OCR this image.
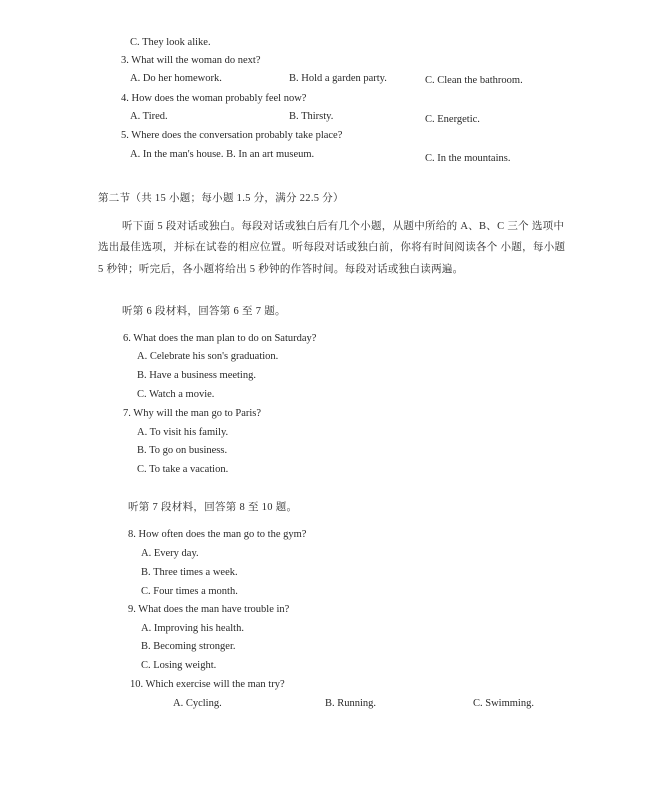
C. They look alike.
3. What will the woman do next?
A. Do her homework.	B. Hold a garden party.	C. Clean the bathroom.
4. How does the woman probably feel now?
A. Tired.	B. Thirsty.	C. Energetic.
5. Where does the conversation probably take place?
A. In the man's house. B. In an art museum.	C. In the mountains.
第二节（共 15 小题；每小题 1.5 分，满分 22.5 分）
听下面 5 段对话或独白。每段对话或独白后有几个小题，从题中所给的 A、B、C 三个 选项中
选出最佳选项，并标在试卷的相应位置。听每段对话或独白前，你将有时间阅读各个 小题，每小题
5 秒钟；听完后，各小题将给出 5 秒钟的作答时间。每段对话或独白读两遍。
听第 6 段材料，回答第 6 至 7 题。
6. What does the man plan to do on Saturday?
A. Celebrate his son's graduation.
B. Have a business meeting.
C. Watch a movie.
7. Why will the man go to Paris?
A. To visit his family.
B. To go on business.
C. To take a vacation.
听第 7 段材料，回答第 8 至 10 题。
8. How often does the man go to the gym?
A. Every day.
B. Three times a week.
C. Four times a month.
9. What does the man have trouble in?
A. Improving his health.
B. Becoming stronger.
C. Losing weight.
10. Which exercise will the man try?
A. Cycling.	B. Running.	C. Swimming.
